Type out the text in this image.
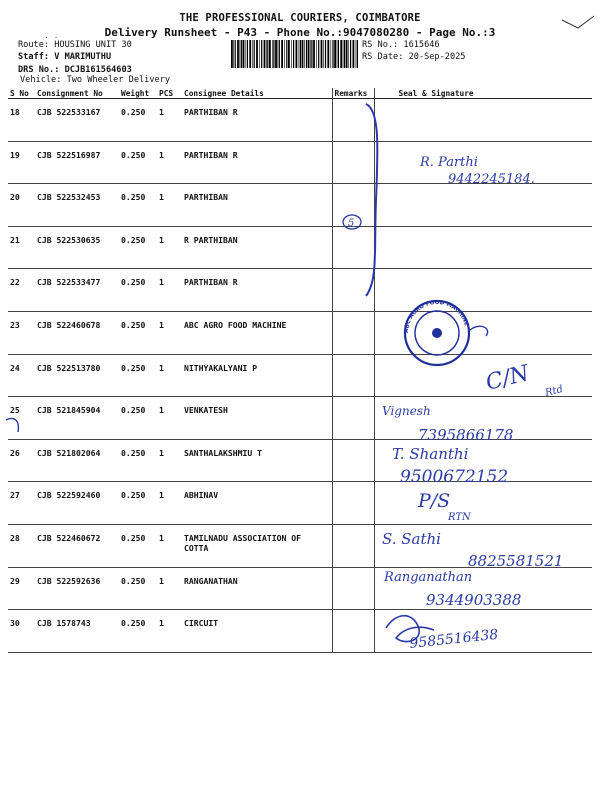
THE PROFESSIONAL COURIERS, COIMBATORE
Delivery Runsheet - P43 - Phone No.:9047080280 - Page No.:3
· ·
Route: HOUSING UNIT 30
Staff: V MARIMUTHU
DRS No.: DCJB161564603
Vehicle: Two Wheeler Delivery
RS No.: 1615646
RS Date: 20-Sep-2025
S No	Consignment No	Weight	PCS	Consignee Details	Remarks	Seal & Signature

18	CJB 522533167	0.250	1	PARTHIBAN R		

19	CJB 522516987	0.250	1	PARTHIBAN R		

20	CJB 522532453	0.250	1	PARTHIBAN		

21	CJB 522530635	0.250	1	R PARTHIBAN		

22	CJB 522533477	0.250	1	PARTHIBAN R		

23	CJB 522460678	0.250	1	ABC AGRO FOOD MACHINE		

24	CJB 522513780	0.250	1	NITHYAKALYANI P		

25	CJB 521845904	0.250	1	VENKATESH		

26	CJB 521802064	0.250	1	SANTHALAKSHMIU T		

27	CJB 522592460	0.250	1	ABHINAV		

28	CJB 522460672	0.250	1	TAMILNADU ASSOCIATION OF COTTA		

29	CJB 522592636	0.250	1	RANGANATHAN		

30	CJB 1578743	0.250	1	CIRCUIT		

5
R. Parthi
9442245184.
ABC AGRO FOOD MACHINE
C/N Rtd
Vignesh
7395866178
T. Shanthi
9500672152
P/S
RTN
S. Sathi
8825581521
Ranganathan
9344903388
9585516438
